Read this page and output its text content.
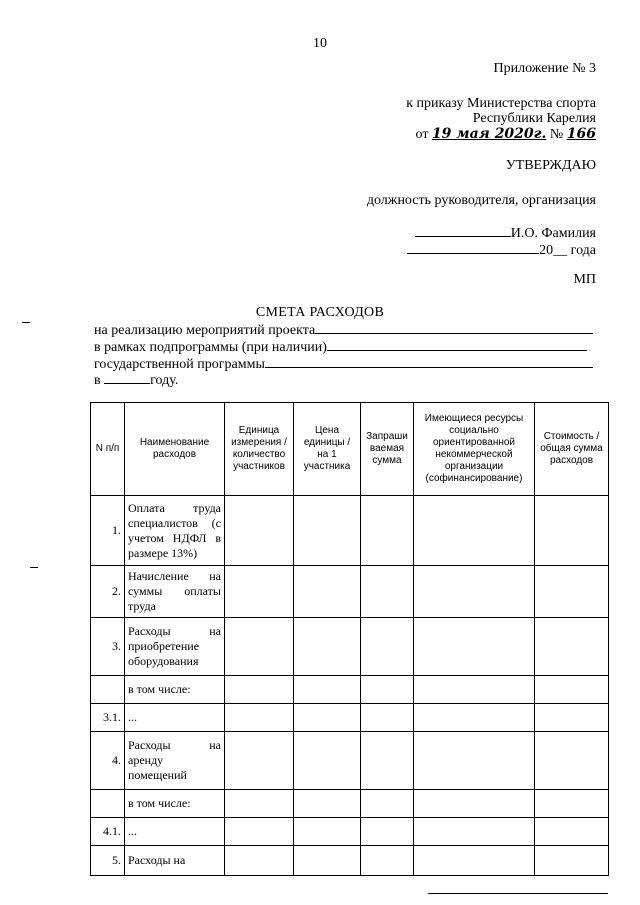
10
Приложение № 3
к приказу Министерства спорта
Республики Карелия
от 19 мая 2020г. № 166
УТВЕРЖДАЮ
должность руководителя, организация
И.О. Фамилия
20__ года
МП
СМЕТА РАСХОДОВ
на реализацию мероприятий проекта
в рамках подпрограммы (при наличии)
государственной программы
в	году.
N п/п	Наименование расходов	Единица измерения / количество участников	Цена единицы / на 1 участника	Запраши ваемая сумма	Имеющиеся ресурсы социально ориентированной некоммерческой организации (софинансирование)	Стоимость / общая сумма расходов
1.	Оплата труда специалистов (с учетом НДФЛ в размере 13%)					
2.	Начисление на суммы оплаты труда					
3.	Расходы на приобретение оборудования					
	в том числе:					
3.1.	...					
4.	Расходы на аренду помещений					
	в том числе:					
4.1.	...					
5.	Расходы на					
